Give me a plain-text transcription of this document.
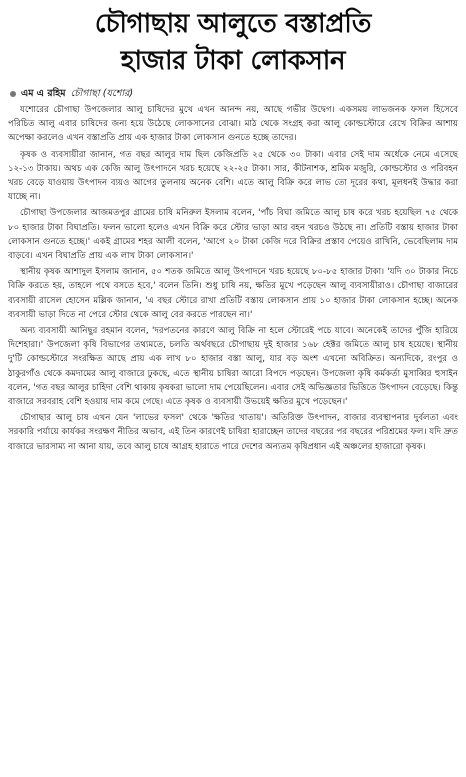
চৌগাছায় আলুতে বস্তাপ্রতি
হাজার টাকা লোকসান
এম এ রহিম চৌগাছা (যশোর)

যশোরের চৌগাছা উপজেলার আলু চাষিদের মুখে এখন আনন্দ নয়, আছে গভীর উদ্বেগ। একসময় লাভজনক ফসল হিসেবে পরিচিত আলু এবার চাষিদের জন্য হয়ে উঠেছে লোকসানের বোঝা। মাঠ থেকে সংগ্রহ করা আলু কোল্ডস্টোরে রেখে বিক্রির আশায় অপেক্ষা করলেও এখন বস্তাপ্রতি প্রায় এক হাজার টাকা লোকসান গুনতে হচ্ছে তাদের।

কৃষক ও ব্যবসায়ীরা জানান, গত বছর আলুর দাম ছিল কেজিপ্রতি ২৫ থেকে ৩০ টাকা। এবার সেই দাম অর্ধেকে নেমে এসেছে ১২-১৩ টাকায়। অথচ এক কেজি আলু উৎপাদনে খরচ হয়েছে ২২-২৫ টাকা। সার, কীটনাশক, শ্রমিক মজুরি, কোল্ডস্টোর ও পরিবহন খরচ বেড়ে যাওয়ায় উৎপাদন ব্যয়ও আগের তুলনায় অনেক বেশি। এতে আলু বিক্রি করে লাভ তো দূরের কথা, মূলধনই উদ্ধার করা যাচ্ছে না।

চৌগাছা উপজেলার আজমতপুর গ্রামের চাষি মনিরুল ইসলাম বলেন, 'পাঁচ বিঘা জমিতে আলু চাষ করে খরচ হয়েছিল ৭৫ থেকে ৮০ হাজার টাকা বিঘাপ্রতি। ফলন ভালো হলেও এখন বিক্রি করে স্টোর ভাড়া আর বহন খরচও উঠছে না। প্রতিটি বস্তায় হাজার টাকা লোকসান গুনতে হচ্ছে।' একই গ্রামের শহর আলী বলেন, 'আগে ২০ টাকা কেজি দরে বিক্রির প্রস্তাব পেয়েও রাখিনি, ভেবেছিলাম দাম বাড়বে। এখন বিঘাপ্রতি প্রায় এক লাখ টাকা লোকসান।'

স্থানীয় কৃষক আশাদুল ইসলাম জানান, ৫০ শতক জমিতে আলু উৎপাদনে খরচ হয়েছে ৮০-৮৫ হাজার টাকা। 'যদি ৩০ টাকার নিচে বিক্রি করতে হয়, তাহলে পথে বসতে হবে,' বলেন তিনি। শুধু চাষি নয়, ক্ষতির মুখে পড়েছেন আলু ব্যবসায়ীরাও। চৌগাছা বাজারের ব্যবসায়ী রাসেল হোসেন মল্লিক জানান, 'এ বছর স্টোরে রাখা প্রতিটি বস্তায় লোকসান প্রায় ১০ হাজার টাকা লোকসান হচ্ছে। অনেক ব্যবসায়ী ভাড়া দিতে না পেরে স্টোর থেকে আলু বের করতে পারছেন না।'

অন্য ব্যবসায়ী আনিছুর রহমান বলেন, 'দরপতনের কারণে আলু বিক্রি না হলে স্টোরেই পচে যাবে। অনেকেই তাদের পুঁজি হারিয়ে দিশেহারা।' উপজেলা কৃষি বিভাগের তথ্যমতে, চলতি অর্থবছরে চৌগাছায় দুই হাজার ১৬৮ হেক্টর জমিতে আলু চাষ হয়েছে। স্থানীয় দু'টি কোল্ডস্টোরে সংরক্ষিত আছে প্রায় এক লাখ ৮০ হাজার বস্তা আলু, যার বড় অংশ এখনো অবিক্রিত। অন্যদিকে, রংপুর ও ঠাকুরগাঁও থেকে কমদামের আলু বাজারে ঢুকছে, এতে স্থানীয় চাষিরা আরো বিপদে পড়ছেন। উপজেলা কৃষি কর্মকর্তা মুসাব্বির হুসাইন বলেন, 'গত বছর আলুর চাহিদা বেশি থাকায় কৃষকরা ভালো দাম পেয়েছিলেন। এবার সেই অভিজ্ঞতার ভিত্তিতে উৎপাদন বেড়েছে। কিন্তু বাজারে সরবরাহ বেশি হওয়ায় দাম কমে গেছে। এতে কৃষক ও ব্যবসায়ী উভয়েই ক্ষতির মুখে পড়েছেন।'

চৌগাছার আলু চাষ এখন যেন 'লাভের ফসল' থেকে 'ক্ষতির খাতায়'। অতিরিক্ত উৎপাদন, বাজার ব্যবস্থাপনার দুর্বলতা এবং সরকারি পর্যায়ে কার্যকর সংরক্ষণ নীতির অভাব, এই তিন কারণেই চাষিরা হারাচ্ছেন তাদের বছরের পর বছরের পরিশ্রমের ফল। যদি দ্রুত বাজারে ভারসাম্য না আনা যায়, তবে আলু চাষে আগ্রহ হারাতে পারে দেশের অন্যতম কৃষিপ্রধান এই অঞ্চলের হাজারো কৃষক।
